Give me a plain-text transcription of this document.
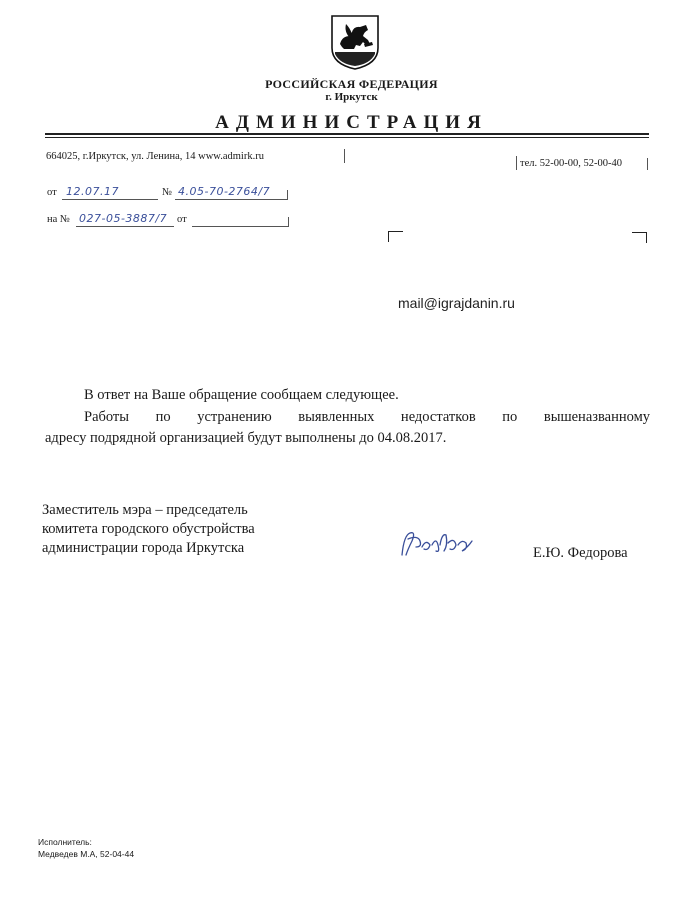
РОССИЙСКАЯ ФЕДЕРАЦИЯ
г. Иркутск
АДМИНИСТРАЦИЯ
664025, г.Иркутск, ул. Ленина, 14 www.admirk.ru
тел. 52-00-00, 52-00-40
от 12.07.17	№ 4.05-70-2764/7
на № 027-05-3887/7 от
mail@igrajdanin.ru
В ответ на Ваше обращение сообщаем следующее.
Работы по устранению выявленных недостатков по вышеназванному
адресу подрядной организацией будут выполнены до 04.08.2017.
Заместитель мэра – председатель
комитета городского обустройства
администрации города Иркутска	Е.Ю. Федорова
Исполнитель:
Медведев М.А, 52-04-44
